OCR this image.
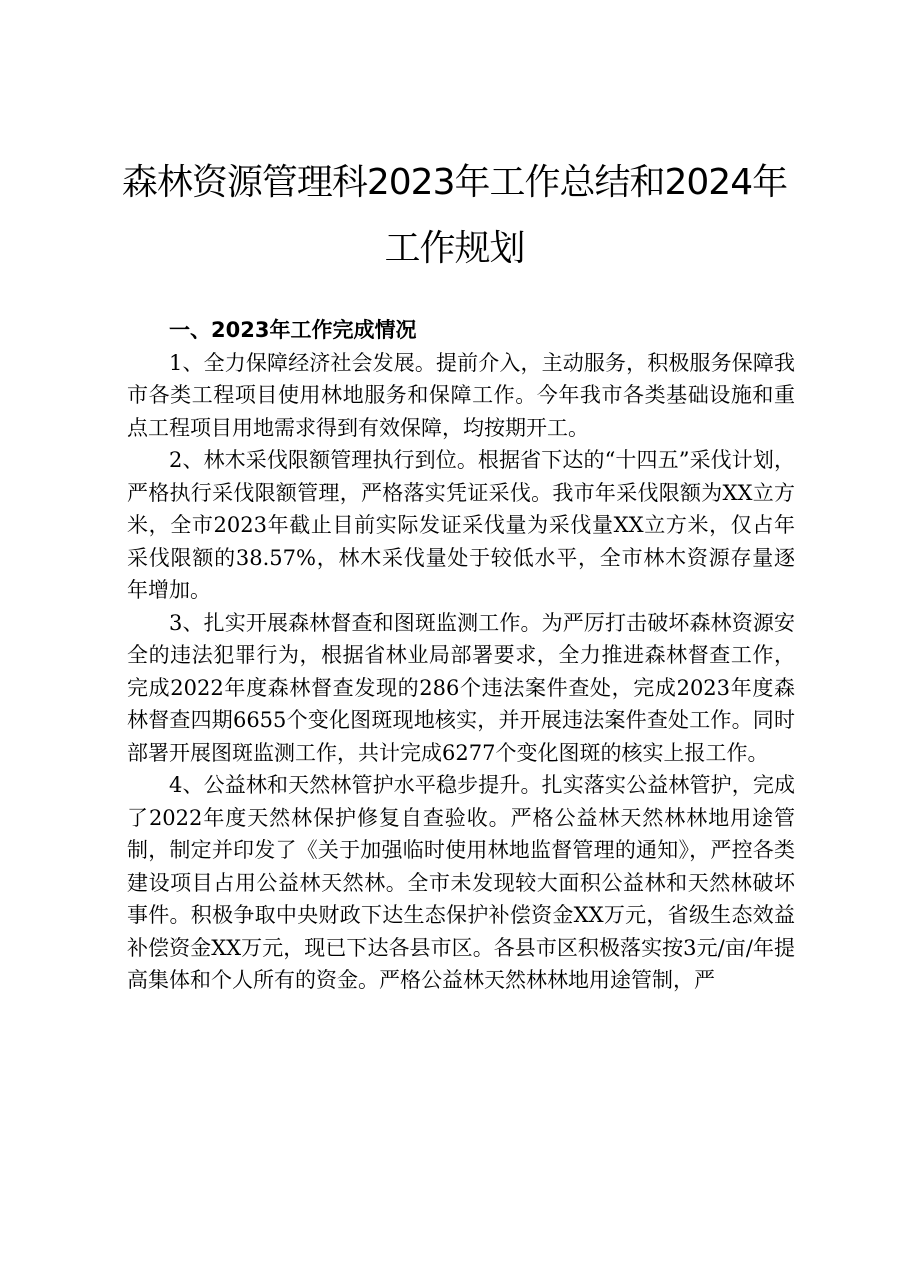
森林资源管理科2023年工作总结和2024年工作规划
一、2023年工作完成情况

1、全力保障经济社会发展。提前介入，主动服务，积极服务保障我市各类工程项目使用林地服务和保障工作。今年我市各类基础设施和重点工程项目用地需求得到有效保障，均按期开工。

2、林木采伐限额管理执行到位。根据省下达的“十四五”采伐计划，严格执行采伐限额管理，严格落实凭证采伐。我市年采伐限额为XX立方米，全市2023年截止目前实际发证采伐量为采伐量XX立方米，仅占年采伐限额的38.57%，林木采伐量处于较低水平，全市林木资源存量逐年增加。

3、扎实开展森林督查和图斑监测工作。为严厉打击破坏森林资源安全的违法犯罪行为，根据省林业局部署要求，全力推进森林督查工作，完成2022年度森林督查发现的286个违法案件查处，完成2023年度森林督查四期6655个变化图斑现地核实，并开展违法案件查处工作。同时部署开展图斑监测工作，共计完成6277个变化图斑的核实上报工作。

4、公益林和天然林管护水平稳步提升。扎实落实公益林管护，完成了2022年度天然林保护修复自查验收。严格公益林天然林林地用途管制，制定并印发了《关于加强临时使用林地监督管理的通知》，严控各类建设项目占用公益林天然林。全市未发现较大面积公益林和天然林破坏事件。积极争取中央财政下达生态保护补偿资金XX万元，省级生态效益补偿资金XX万元，现已下达各县市区。各县市区积极落实按3元/亩/年提高集体和个人所有的资金。严格公益林天然林林地用途管制，严
